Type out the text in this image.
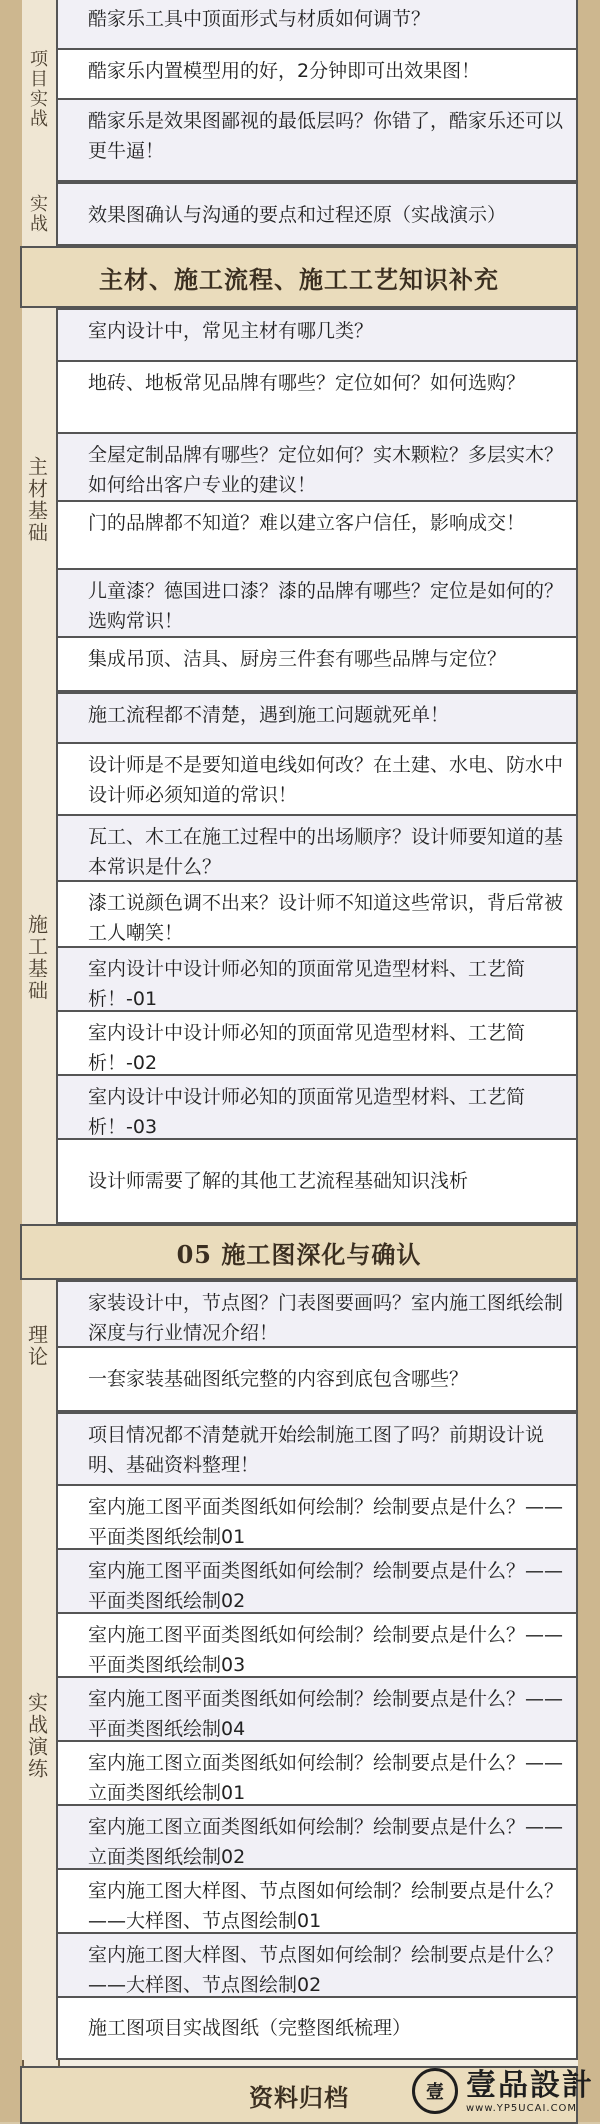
项目实战
酷家乐工具中顶面形式与材质如何调节？
酷家乐内置模型用的好，2分钟即可出效果图！
酷家乐是效果图鄙视的最低层吗？你错了，酷家乐还可以更牛逼！
实战	效果图确认与沟通的要点和过程还原（实战演示）
主材、施工流程、施工工艺知识补充
主材基础
室内设计中，常见主材有哪几类？
地砖、地板常见品牌有哪些？定位如何？如何选购？
全屋定制品牌有哪些？定位如何？实木颗粒？多层实木？如何给出客户专业的建议！
门的品牌都不知道？难以建立客户信任，影响成交！
儿童漆？德国进口漆？漆的品牌有哪些？定位是如何的？选购常识！
集成吊顶、洁具、厨房三件套有哪些品牌与定位？
施工基础
施工流程都不清楚，遇到施工问题就死单！
设计师是不是要知道电线如何改？在土建、水电、防水中设计师必须知道的常识！
瓦工、木工在施工过程中的出场顺序？设计师要知道的基本常识是什么？
漆工说颜色调不出来？设计师不知道这些常识，背后常被工人嘲笑！
室内设计中设计师必知的顶面常见造型材料、工艺简析！-01
室内设计中设计师必知的顶面常见造型材料、工艺简析！-02
室内设计中设计师必知的顶面常见造型材料、工艺简析！-03
设计师需要了解的其他工艺流程基础知识浅析
05 施工图深化与确认
理论
家装设计中，节点图？门表图要画吗？室内施工图纸绘制深度与行业情况介绍！
一套家装基础图纸完整的内容到底包含哪些？
实战演练
项目情况都不清楚就开始绘制施工图了吗？前期设计说明、基础资料整理！
室内施工图平面类图纸如何绘制？绘制要点是什么？——平面类图纸绘制01
室内施工图平面类图纸如何绘制？绘制要点是什么？——平面类图纸绘制02
室内施工图平面类图纸如何绘制？绘制要点是什么？——平面类图纸绘制03
室内施工图平面类图纸如何绘制？绘制要点是什么？——平面类图纸绘制04
室内施工图立面类图纸如何绘制？绘制要点是什么？——立面类图纸绘制01
室内施工图立面类图纸如何绘制？绘制要点是什么？——立面类图纸绘制02
室内施工图大样图、节点图如何绘制？绘制要点是什么？——大样图、节点图绘制01
室内施工图大样图、节点图如何绘制？绘制要点是什么？——大样图、节点图绘制02
施工图项目实战图纸（完整图纸梳理）
资料归档	壹 壹品設計
www.YP5UCAI.COM
